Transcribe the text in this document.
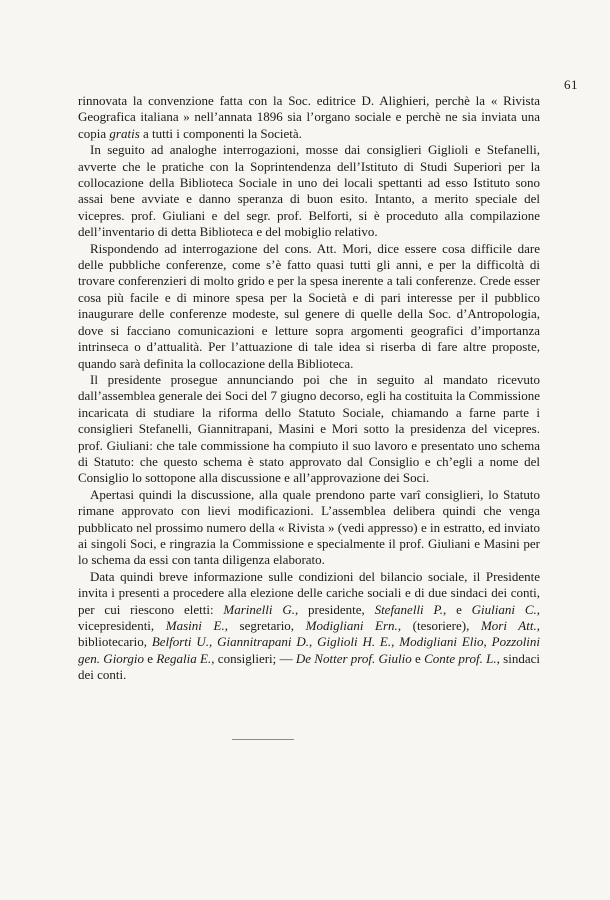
61

rinnovata la convenzione fatta con la Soc. editrice D. Alighieri, perchè la « Rivista Geografica italiana » nell’annata 1896 sia l’organo sociale e perchè ne sia inviata una copia gratis a tutti i componenti la Società.

In seguito ad analoghe interrogazioni, mosse dai consiglieri Giglioli e Stefanelli, avverte che le pratiche con la Soprintendenza dell’Istituto di Studi Superiori per la collocazione della Biblioteca Sociale in uno dei locali spettanti ad esso Istituto sono assai bene avviate e danno speranza di buon esito. Intanto, a merito speciale del vicepres. prof. Giuliani e del segr. prof. Belforti, si è proceduto alla compilazione dell’inventario di detta Biblioteca e del mobiglio relativo.

Rispondendo ad interrogazione del cons. Att. Mori, dice essere cosa difficile dare delle pubbliche conferenze, come s’è fatto quasi tutti gli anni, e per la difficoltà di trovare conferenzieri di molto grido e per la spesa inerente a tali conferenze. Crede esser cosa più facile e di minore spesa per la Società e di pari interesse per il pubblico inaugurare delle conferenze modeste, sul genere di quelle della Soc. d’Antropologia, dove si facciano comunicazioni e letture sopra argomenti geografici d’importanza intrinseca o d’attualità. Per l’attuazione di tale idea si riserba di fare altre proposte, quando sarà definita la collocazione della Biblioteca.

Il presidente prosegue annunciando poi che in seguito al mandato ricevuto dall’assemblea generale dei Soci del 7 giugno decorso, egli ha costituita la Commissione incaricata di studiare la riforma dello Statuto Sociale, chiamando a farne parte i consiglieri Stefanelli, Giannitrapani, Masini e Mori sotto la presidenza del vicepres. prof. Giuliani: che tale commissione ha compiuto il suo lavoro e presentato uno schema di Statuto: che questo schema è stato approvato dal Consiglio e ch’egli a nome del Consiglio lo sottopone alla discussione e all’approvazione dei Soci.

Apertasi quindi la discussione, alla quale prendono parte varî consiglieri, lo Statuto rimane approvato con lievi modificazioni. L’assemblea delibera quindi che venga pubblicato nel prossimo numero della « Rivista » (vedi appresso) e in estratto, ed inviato ai singoli Soci, e ringrazia la Commissione e specialmente il prof. Giuliani e Masini per lo schema da essi con tanta diligenza elaborato.

Data quindi breve informazione sulle condizioni del bilancio sociale, il Presidente invita i presenti a procedere alla elezione delle cariche sociali e di due sindaci dei conti, per cui riescono eletti: Marinelli G., presidente, Stefanelli P., e Giuliani C., vicepresidenti, Masini E., segretario, Modigliani Ern., (tesoriere), Mori Att., bibliotecario, Belforti U., Giannitrapani D., Giglioli H. E., Modigliani Elio, Pozzolini gen. Giorgio e Regalia E., consiglieri; — De Notter prof. Giulio e Conte prof. L., sindaci dei conti.
